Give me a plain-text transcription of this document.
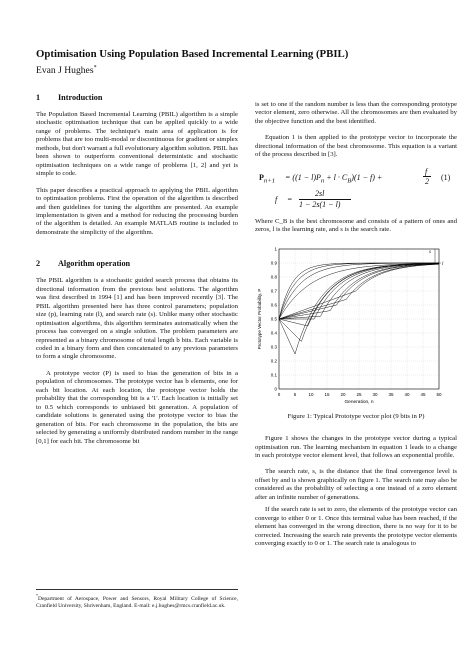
Optimisation Using Population Based Incremental Learning (PBIL)
Evan J Hughes*
1 Introduction

The Population Based Incremental Learning (PBIL) algorithm is a simple stochastic optimisation technique that can be applied quickly to a wide range of problems. The technique's main area of application is for problems that are too multi-modal or discontinuous for gradient or simplex methods, but don't warrant a full evolutionary algorithm solution. PBIL has been shown to outperform conventional deterministic and stochastic optimisation techniques on a wide range of problems [1, 2] and yet is simple to code.

This paper describes a practical approach to applying the PBIL algorithm to optimisation problems. First the operation of the algorithm is described and then guidelines for tuning the algorithm are presented. An example implementation is given and a method for reducing the processing burden of the algorithm is detailed. An example MATLAB routine is included to demonstrate the simplicity of the algorithm.

2 Algorithm operation

The PBIL algorithm is a stochastic guided search process that obtains its directional information from the previous best solutions. The algorithm was first described in 1994 [1] and has been improved recently [3]. The PBIL algorithm presented here has three control parameters; population size (p), learning rate (l), and search rate (s). Unlike many other stochastic optimisation algorithms, this algorithm terminates automatically when the process has converged on a single solution. The problem parameters are represented as a binary chromosome of total length b bits. Each variable is coded in a binary form and then concatenated to any previous parameters to form a single chromosome.

A prototype vector (P) is used to bias the generation of bits in a population of chromosomes. The prototype vector has b elements, one for each bit location. At each location, the prototype vector holds the probability that the corresponding bit is a '1'. Each location is initially set to 0.5 which corresponds to unbiased bit generation. A population of candidate solutions is generated using the prototype vector to bias the generation of bits. For each chromosome in the population, the bits are selected by generating a uniformly distributed random number in the range [0,1] for each bit. The chromosome bit

*Department of Aerospace, Power and Sensors, Royal Military College of Science, Cranfield University, Shrivenham, England. E-mail: e.j.hughes@rmcs.cranfield.ac.uk.

is set to one if the random number is less than the corresponding prototype vector element, zero otherwise. All the chromosomes are then evaluated by the objective function and the best identified.

Equation 1 is then applied to the prototype vector to incorporate the directional information of the best chromosome. This equation is a variant of the process described in [3].

$P_{n+1} = ((1 - l)P_n + l \cdot C_B)(1 - f)$ +
f
2 (1)
f =
2sl
1 − 2s(1 − l)

Where C_B is the best chromosome and consists of a pattern of ones and zeros, l is the learning rate, and s is the search rate.

0	5	10 15 20 25 30 35 40 45 50
0
0.1
0.2
0.3
0.4
0.5
0.6
0.7
0.8
0.9
1
Generation, n
Prototype Vector Probability, P
s
l
Figure 1: Typical Prototype vector plot (9 bits in P)

Figure 1 shows the changes in the prototype vector during a typical optimisation run. The learning mechanism in equation 1 leads to a change in each prototype vector element level, that follows an exponential profile.

The search rate, s, is the distance that the final convergence level is offset by and is shown graphically on figure 1. The search rate may also be considered as the probability of selecting a one instead of a zero element after an infinite number of generations.

If the search rate is set to zero, the elements of the prototype vector can converge to either 0 or 1. Once this terminal value has been reached, if the element has converged in the wrong direction, there is no way for it to be corrected. Increasing the search rate prevents the prototype vector elements converging exactly to 0 or 1. The search rate is analogous to
